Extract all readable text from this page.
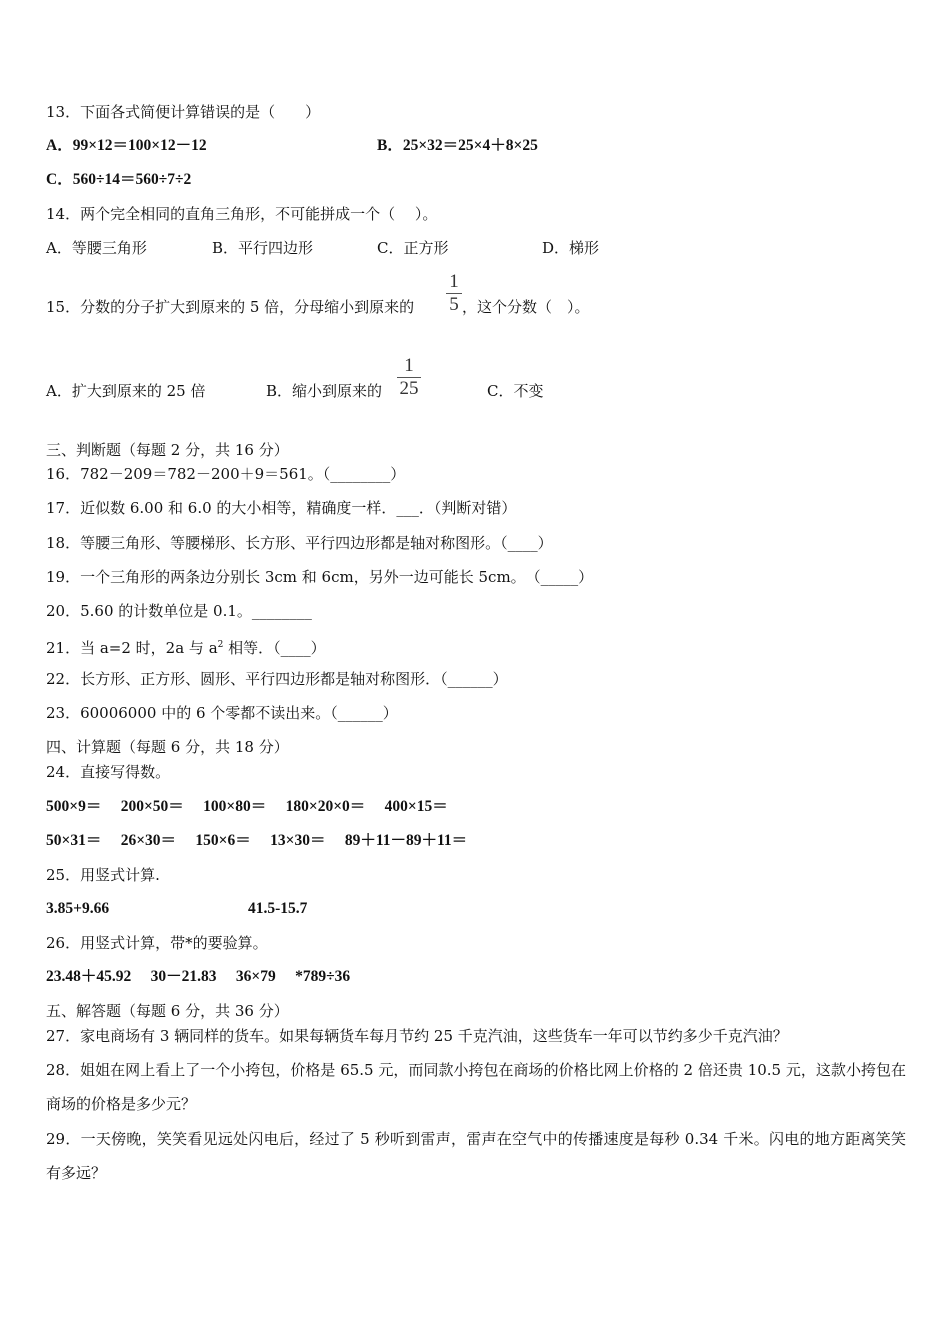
13．下面各式简便计算错误的是（　　）
A．99×12＝100×12－12	B．25×32＝25×4＋8×25
C．560÷14＝560÷7÷2
14．两个完全相同的直角三角形，不可能拼成一个（　 ）。
A．等腰三角形	B．平行四边形	C．正方形	D．梯形
15．分数的分子扩大到原来的 5 倍，分母缩小到原来的
1
5 ，这个分数（　）。
A．扩大到原来的 25 倍	B．缩小到原来的
1
25	C．不变
三、判断题（每题 2 分，共 16 分）
16．782－209＝782－200＋9＝561。（________）
17．近似数 6.00 和 6.0 的大小相等，精确度一样．___．（判断对错）
18．等腰三角形、等腰梯形、长方形、平行四边形都是轴对称图形。（____）
19．一个三角形的两条边分别长 3cm 和 6cm，另外一边可能长 5cm。　（_____）
20．5.60 的计数单位是 0.1。________
21．当 a=2 时，2a 与 $a^2$ 相等．（____）
22．长方形、正方形、圆形、平行四边形都是轴对称图形．（______）
23．60006000 中的 6 个零都不读出来。（______）
四、计算题（每题 6 分，共 18 分）
24．直接写得数。
500×9＝　 200×50＝　 100×80＝　 180×20×0＝　 400×15＝
50×31＝　 26×30＝　 150×6＝　 13×30＝　 89＋11－89＋11＝
25．用竖式计算.
3.85+9.66	41.5-15.7
26．用竖式计算，带*的要验算。
23.48＋45.92　 30－21.83　 36×79　 *789÷36
五、解答题（每题 6 分，共 36 分）
27．家电商场有 3 辆同样的货车。如果每辆货车每月节约 25 千克汽油，这些货车一年可以节约多少千克汽油？
28．姐姐在网上看上了一个小挎包，价格是 65.5 元，而同款小挎包在商场的价格比网上价格的 2 倍还贵 10.5 元，这款小挎包在商场的价格是多少元？
29．一天傍晚，笑笑看见远处闪电后，经过了 5 秒听到雷声，雷声在空气中的传播速度是每秒 0.34 千米。闪电的地方距离笑笑有多远？
